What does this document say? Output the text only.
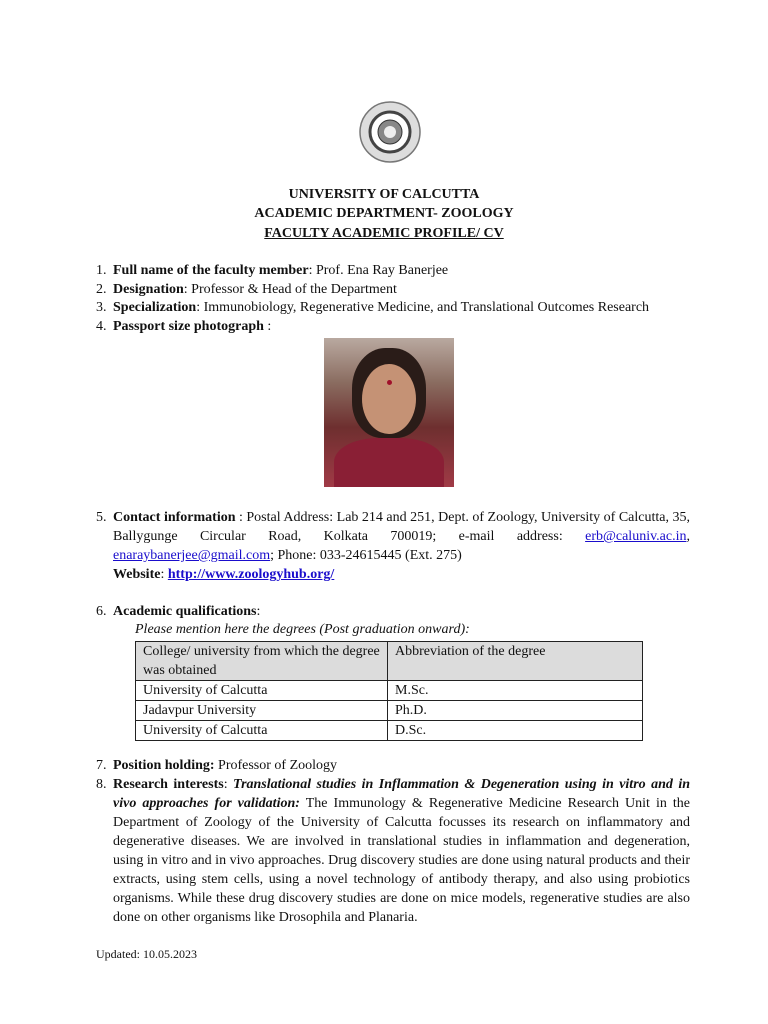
UNIVERSITY OF CALCUTTA
ACADEMIC DEPARTMENT- ZOOLOGY
FACULTY ACADEMIC PROFILE/ CV
1. Full name of the faculty member: Prof. Ena Ray Banerjee
2. Designation: Professor & Head of the Department
3. Specialization: Immunobiology, Regenerative Medicine, and Translational Outcomes Research
4. Passport size photograph :
5. Contact information : Postal Address: Lab 214 and 251, Dept. of Zoology, University of Calcutta, 35, Ballygunge Circular Road, Kolkata 700019; e-mail address: erb@caluniv.ac.in, enaraybanerjee@gmail.com; Phone: 033-24615445 (Ext. 275)
Website: http://www.zoologyhub.org/
6. Academic qualifications:
Please mention here the degrees (Post graduation onward):
College/ university from which the degree was obtained	Abbreviation of the degree
University of Calcutta	M.Sc.
Jadavpur University	Ph.D.
University of Calcutta	D.Sc.
7. Position holding: Professor of Zoology
8. Research interests: Translational studies in Inflammation & Degeneration using in vitro and in vivo approaches for validation: The Immunology & Regenerative Medicine Research Unit in the Department of Zoology of the University of Calcutta focusses its research on inflammatory and degenerative diseases. We are involved in translational studies in inflammation and degeneration, using in vitro and in vivo approaches. Drug discovery studies are done using natural products and their extracts, using stem cells, using a novel technology of antibody therapy, and also using probiotics organisms. While these drug discovery studies are done on mice models, regenerative studies are also done on other organisms like Drosophila and Planaria.
Updated: 10.05.2023
